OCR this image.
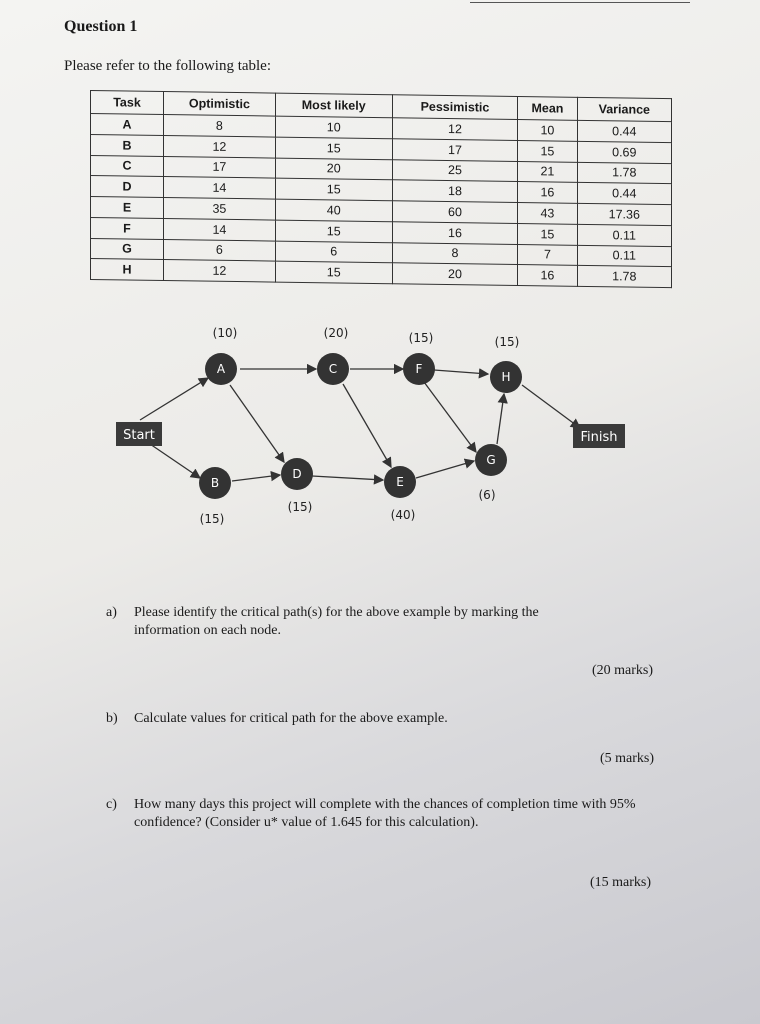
Question 1
Please refer to the following table:
Task	Optimistic	Most likely	Pessimistic	Mean	Variance
A	8	10	12	10	0.44
B	12	15	17	15	0.69
C	17	20	25	21	1.78
D	14	15	18	16	0.44
E	35	40	60	43	17.36
F	14	15	16	15	0.11
G	6	6	8	7	0.11
H	12	15	20	16	1.78
Start	Finish
A
(10)
C
(20)
F
(15)
H
(15)
B
(15)
D
(15)
E
(40)
G
(6)
a)	Please identify the critical path(s) for the above example by marking the information on each node.
(20 marks)
b)	Calculate values for critical path for the above example.
(5 marks)
c)	How many days this project will complete with the chances of completion time with 95% confidence? (Consider u* value of 1.645 for this calculation).
(15 marks)
